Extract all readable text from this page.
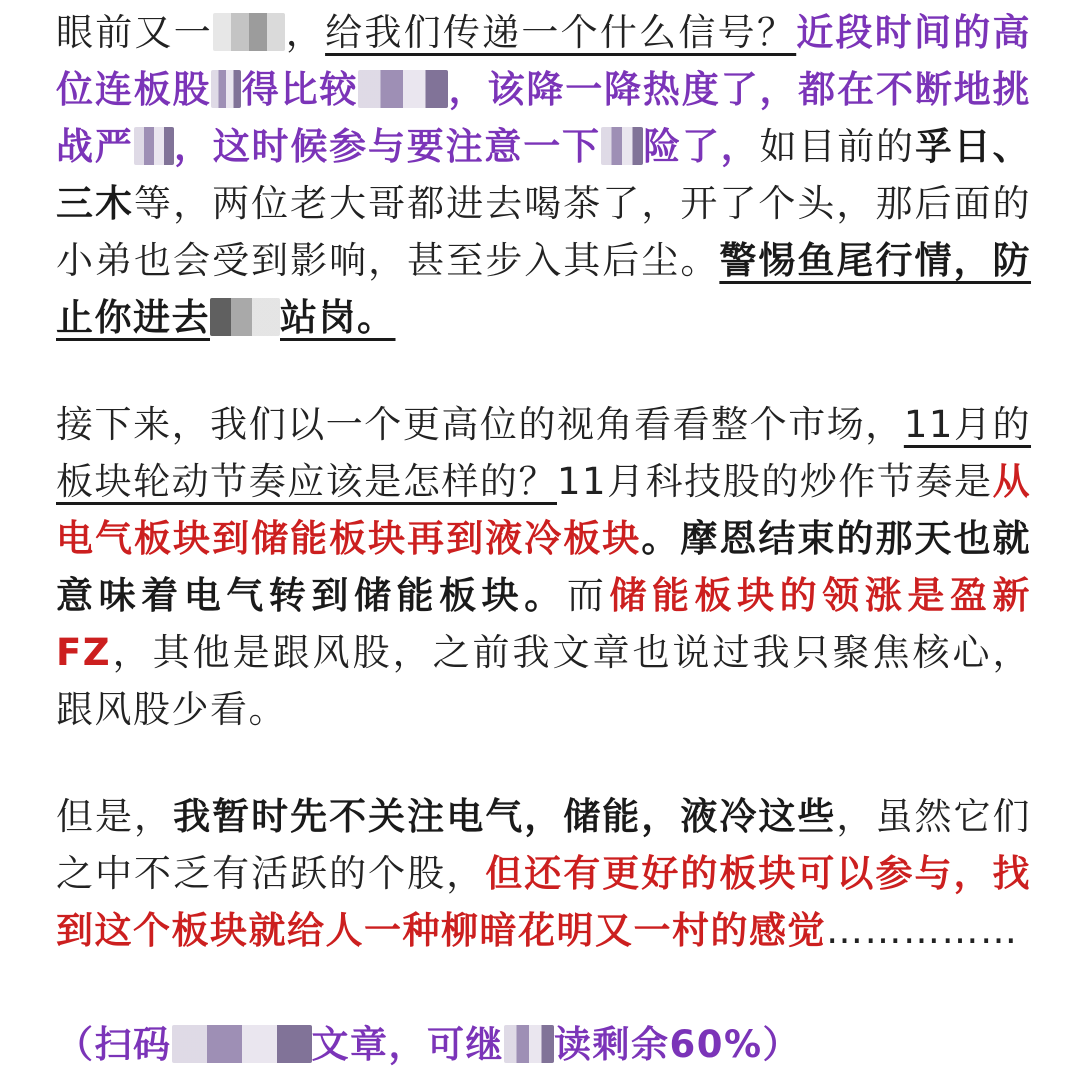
眼前又一 ，给我们传递一个什么信号？近段时间的高位连板股 得比较 ，该降一降热度了，都在不断地挑战严 ，这时候参与要注意一下 险了，如目前的孚日、三木等，两位老大哥都进去喝茶了，开了个头，那后面的小弟也会受到影响，甚至步入其后尘。警惕鱼尾行情，防止你进去 站岗。

接下来，我们以一个更高位的视角看看整个市场，11月的板块轮动节奏应该是怎样的？11月科技股的炒作节奏是从电气板块到储能板块再到液冷板块。摩恩结束的那天也就意味着电气转到储能板块。而储能板块的领涨是盈新FZ，其他是跟风股，之前我文章也说过我只聚焦核心，跟风股少看。

但是，我暂时先不关注电气，储能，液冷这些，虽然它们之中不乏有活跃的个股，但还有更好的板块可以参与，找到这个板块就给人一种柳暗花明又一村的感觉……………

（扫码	文章，可继 读剩余60%）
